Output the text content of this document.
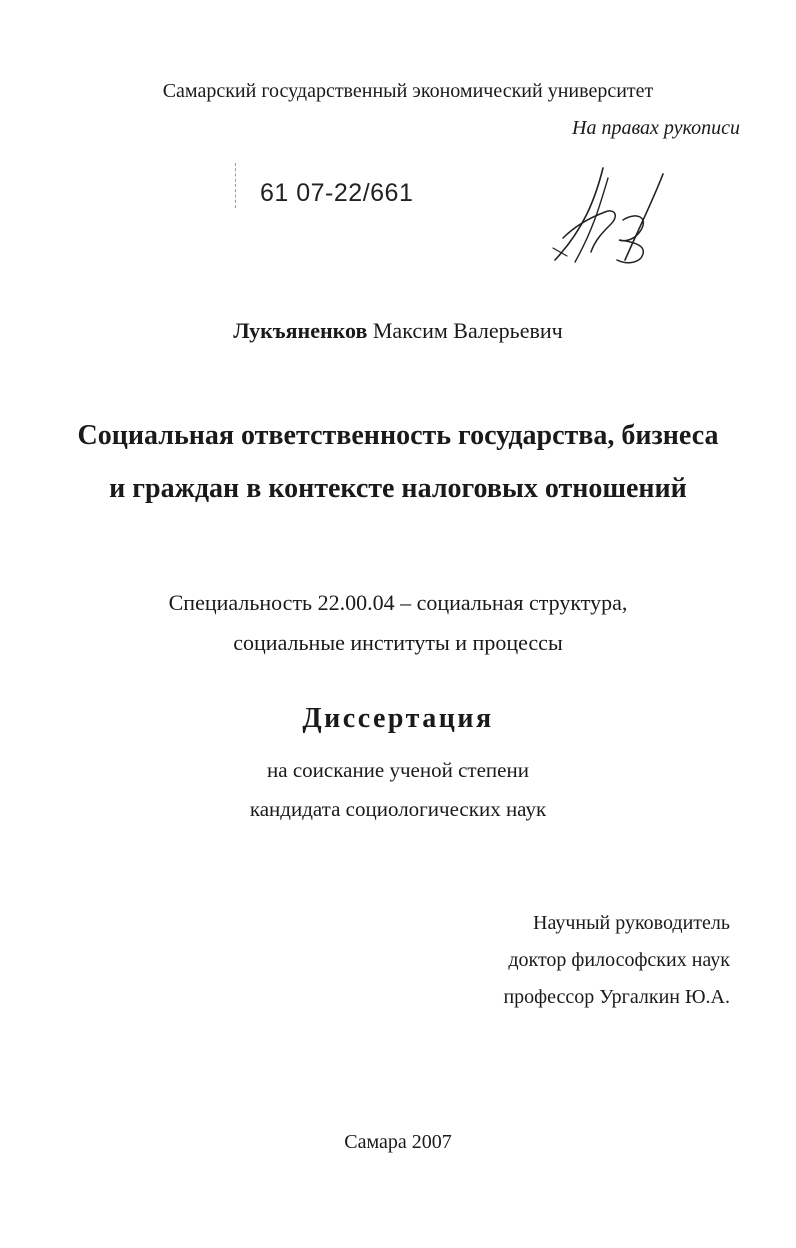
Самарский государственный экономический университет
На правах рукописи
61 07-22/661
Лукъяненков Максим Валерьевич
Социальная ответственность государства, бизнеса
и граждан в контексте налоговых отношений
Специальность 22.00.04 – социальная структура,
социальные институты и процессы
Диссертация
на соискание ученой степени
кандидата социологических наук
Научный руководитель
доктор философских наук
профессор Ургалкин Ю.А.
Самара 2007
